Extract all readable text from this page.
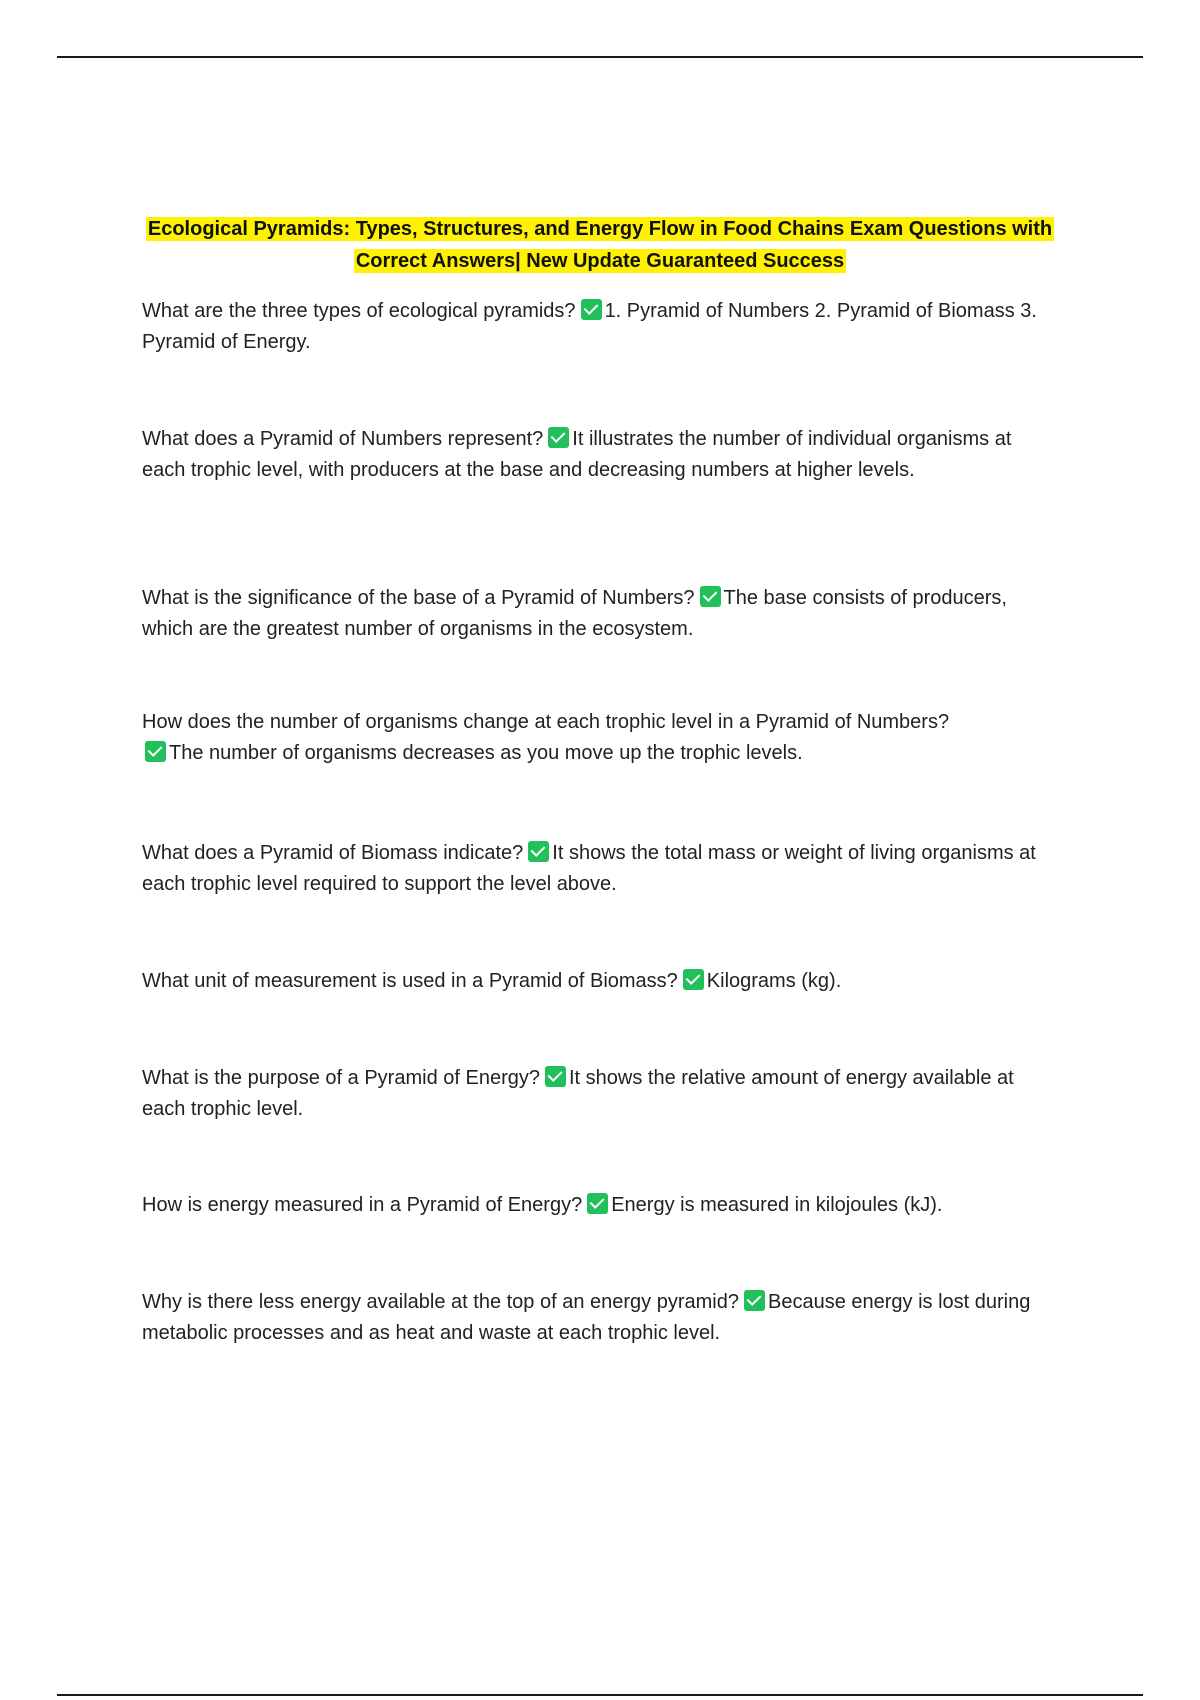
Ecological Pyramids: Types, Structures, and Energy Flow in Food Chains Exam Questions with
Correct Answers| New Update Guaranteed Success

What are the three types of ecological pyramids? 1. Pyramid of Numbers 2. Pyramid of Biomass 3. Pyramid of Energy.

What does a Pyramid of Numbers represent? It illustrates the number of individual organisms at each trophic level, with producers at the base and decreasing numbers at higher levels.

What is the significance of the base of a Pyramid of Numbers? The base consists of producers, which are the greatest number of organisms in the ecosystem.

How does the number of organisms change at each trophic level in a Pyramid of Numbers?
The number of organisms decreases as you move up the trophic levels.

What does a Pyramid of Biomass indicate? It shows the total mass or weight of living organisms at each trophic level required to support the level above.

What unit of measurement is used in a Pyramid of Biomass? Kilograms (kg).

What is the purpose of a Pyramid of Energy? It shows the relative amount of energy available at each trophic level.

How is energy measured in a Pyramid of Energy? Energy is measured in kilojoules (kJ).

Why is there less energy available at the top of an energy pyramid? Because energy is lost during metabolic processes and as heat and waste at each trophic level.
